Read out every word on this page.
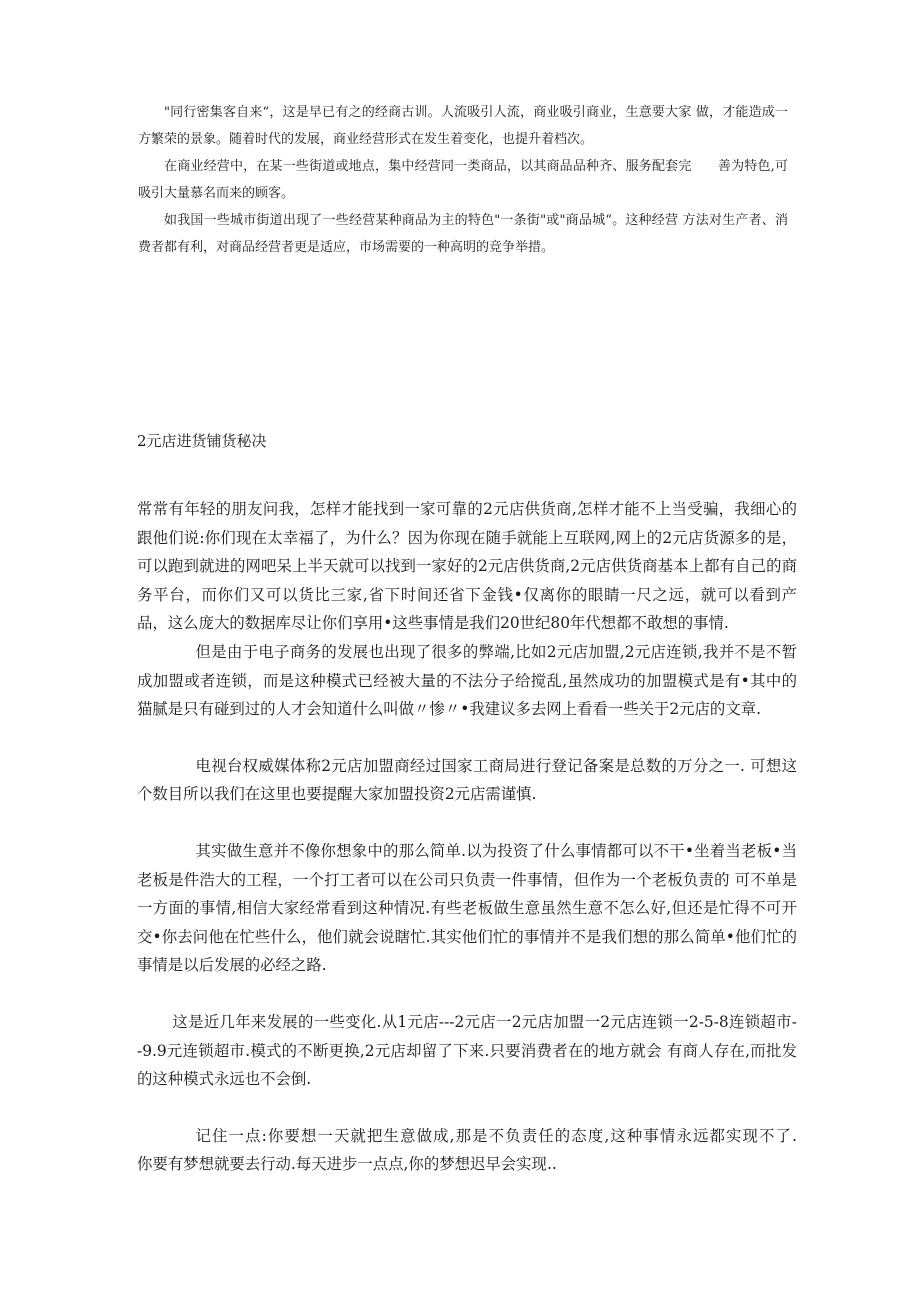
"同行密集客自来“，这是早已有之的经商古训。人流吸引人流，商业吸引商业，生意要大家 做，才能造成一方繁荣的景象。随着时代的发展，商业经营形式在发生着变化，也提升着档次。

在商业经营中，在某一些街道或地点，集中经营同一类商品，以其商品品种齐、服务配套完　　善为特色,可吸引大量慕名而来的顾客。

如我国一些城市街道出现了一些经营某种商品为主的特色"一条街"或"商品城“。这种经营 方法对生产者、消费者都有利，对商品经营者更是适应，市场需要的一种高明的竞争举措。

2元店进货铺货秘决

常常有年轻的朋友问我，怎样才能找到一家可靠的2元店供货商,怎样才能不上当受骗，我细心的跟他们说:你们现在太幸福了，为什么？因为你现在随手就能上互联网,网上的2元店货源多的是，可以跑到就进的网吧呆上半天就可以找到一家好的2元店供货商,2元店供货商基本上都有自己的商务平台，而你们又可以货比三家,省下时间还省下金钱•仅离你的眼睛一尺之远，就可以看到产品，这么庞大的数据库尽让你们享用•这些事情是我们20世纪80年代想都不敢想的事情.

但是由于电子商务的发展也出现了很多的弊端,比如2元店加盟,2元店连锁,我并不是不暂成加盟或者连锁，而是这种模式已经被大量的不法分子给搅乱,虽然成功的加盟模式是有•其中的猫腻是只有碰到过的人才会知道什么叫做〃惨〃•我建议多去网上看看一些关于2元店的文章.

电视台权威媒体称2元店加盟商经过国家工商局进行登记备案是总数的万分之一. 可想这个数目所以我们在这里也要提醒大家加盟投资2元店需谨慎.

其实做生意并不像你想象中的那么简单.以为投资了什么事情都可以不干•坐着当老板•当老板是件浩大的工程，一个打工者可以在公司只负责一件事情，但作为一个老板负责的 可不单是一方面的事情,相信大家经常看到这种情况.有些老板做生意虽然生意不怎么好,但还是忙得不可开交•你去问他在忙些什么，他们就会说瞎忙.其实他们忙的事情并不是我们想的那么简单•他们忙的事情是以后发展的必经之路.

这是近几年来发展的一些变化.从1元店---2元店一2元店加盟一2元店连锁一2-5-8连锁超市--9.9元连锁超市.模式的不断更换,2元店却留了下来.只要消费者在的地方就会 有商人存在,而批发的这种模式永远也不会倒.

记住一点:你要想一天就把生意做成,那是不负责任的态度,这种事情永远都实现不了.　　 你要有梦想就要去行动.每天进步一点点,你的梦想迟早会实现..
